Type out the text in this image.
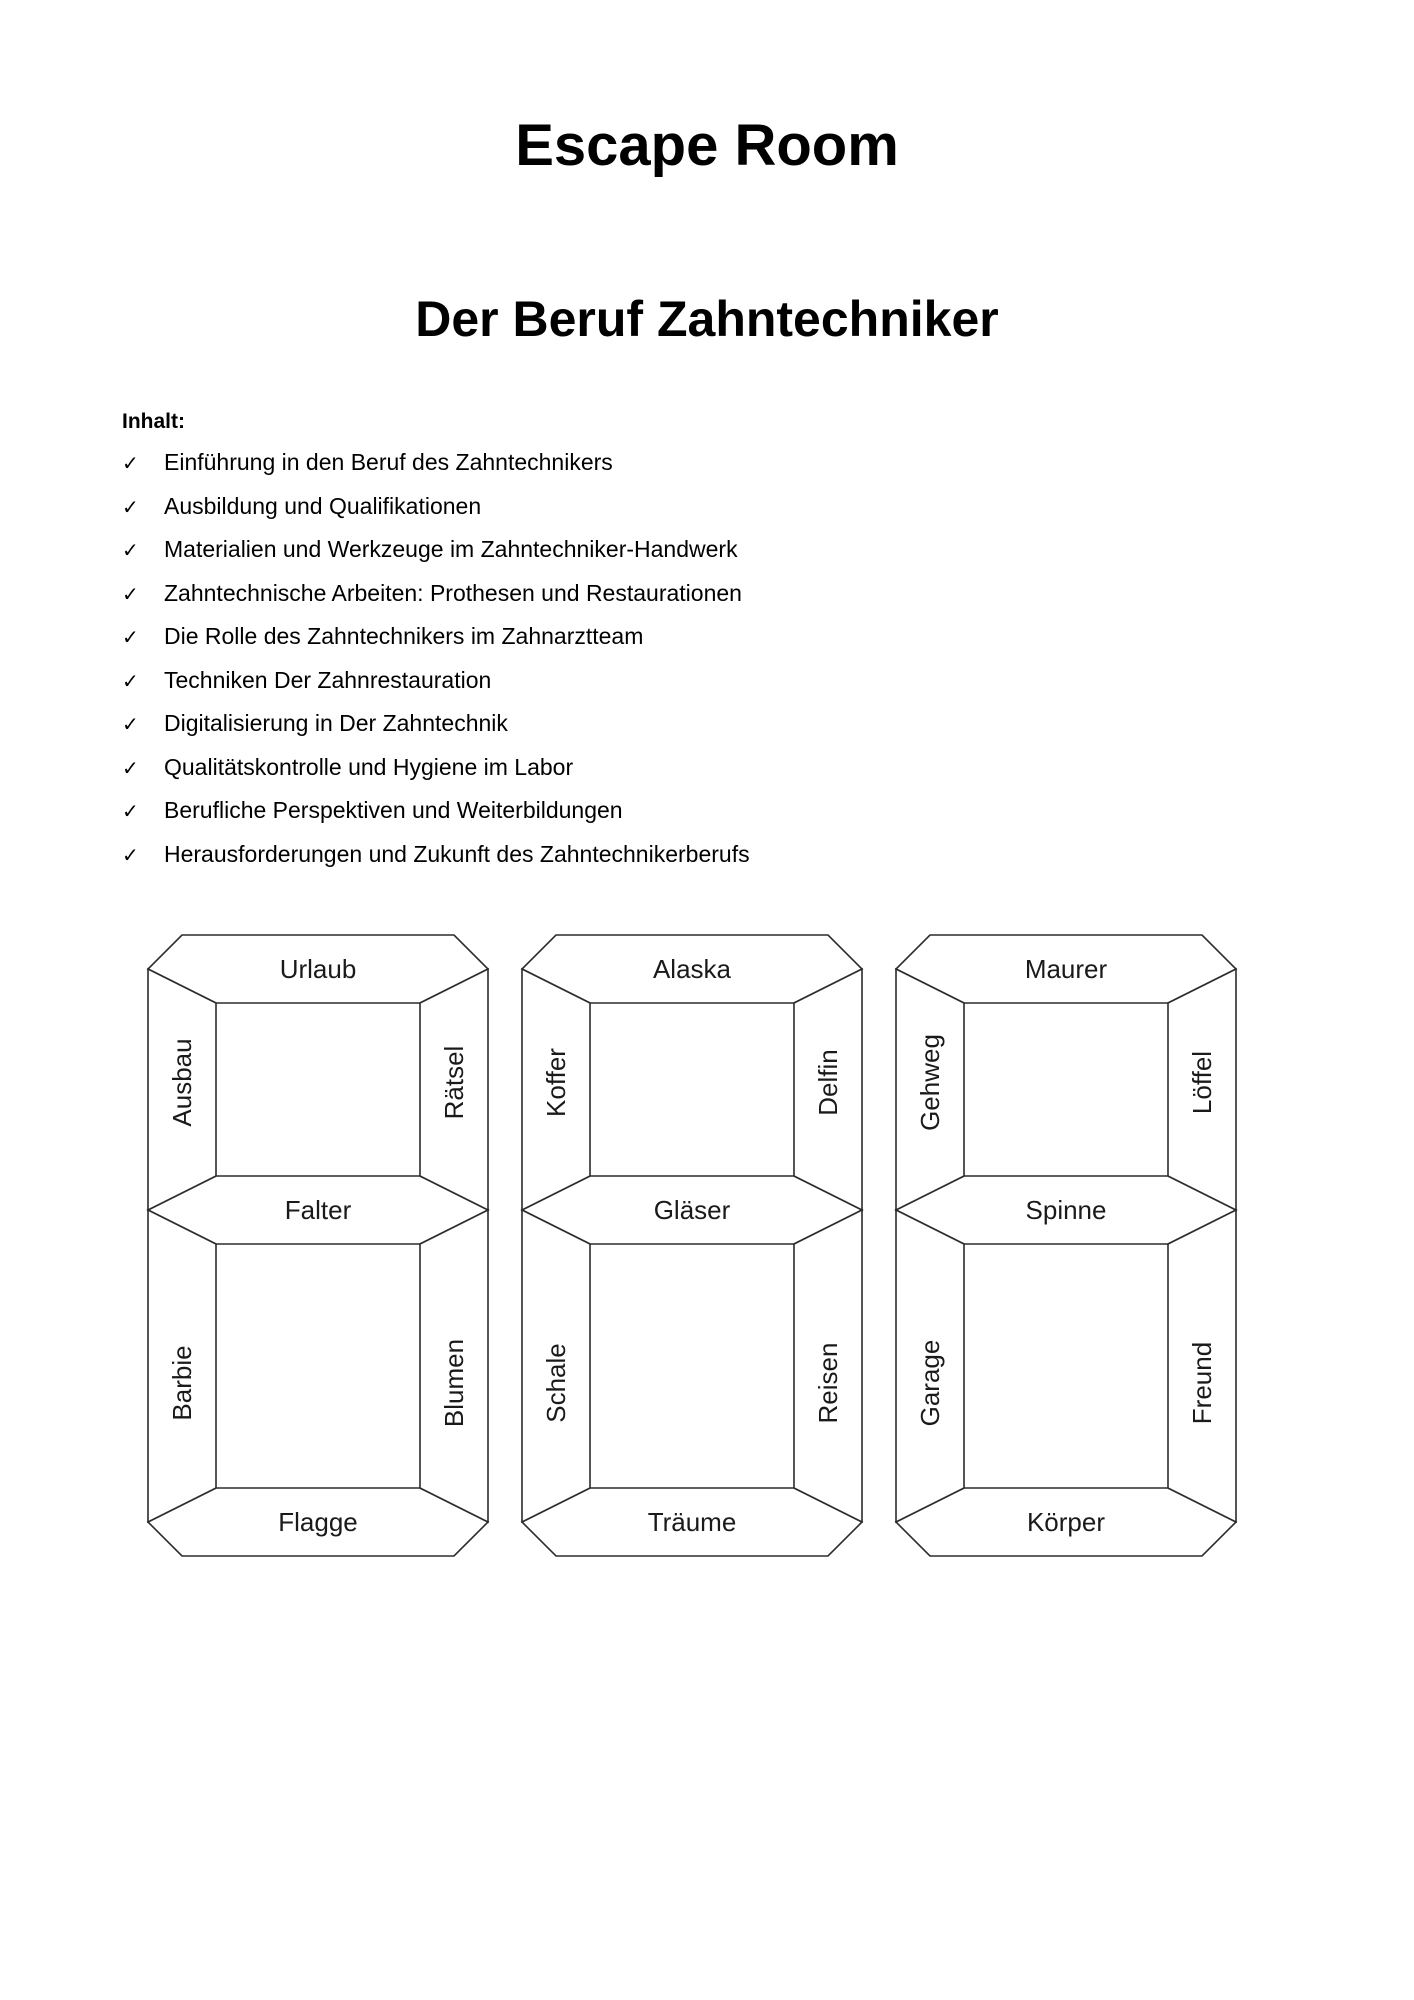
Escape Room
Der Beruf Zahntechniker
Inhalt:
✓ Einführung in den Beruf des Zahntechnikers
✓ Ausbildung und Qualifikationen
✓ Materialien und Werkzeuge im Zahntechniker-Handwerk
✓ Zahntechnische Arbeiten: Prothesen und Restaurationen
✓ Die Rolle des Zahntechnikers im Zahnarztteam
✓ Techniken Der Zahnrestauration
✓ Digitalisierung in Der Zahntechnik
✓ Qualitätskontrolle und Hygiene im Labor
✓ Berufliche Perspektiven und Weiterbildungen
✓ Herausforderungen und Zukunft des Zahntechnikerberufs
Urlaub
Falter
Flagge
Ausbau	Rätsel
Barbie	Blumen
Alaska
Gläser
Träume
Koffer	Delfin
Schale	Reisen
Maurer
Spinne
Körper
Gehweg	Löffel
Garage	Freund
